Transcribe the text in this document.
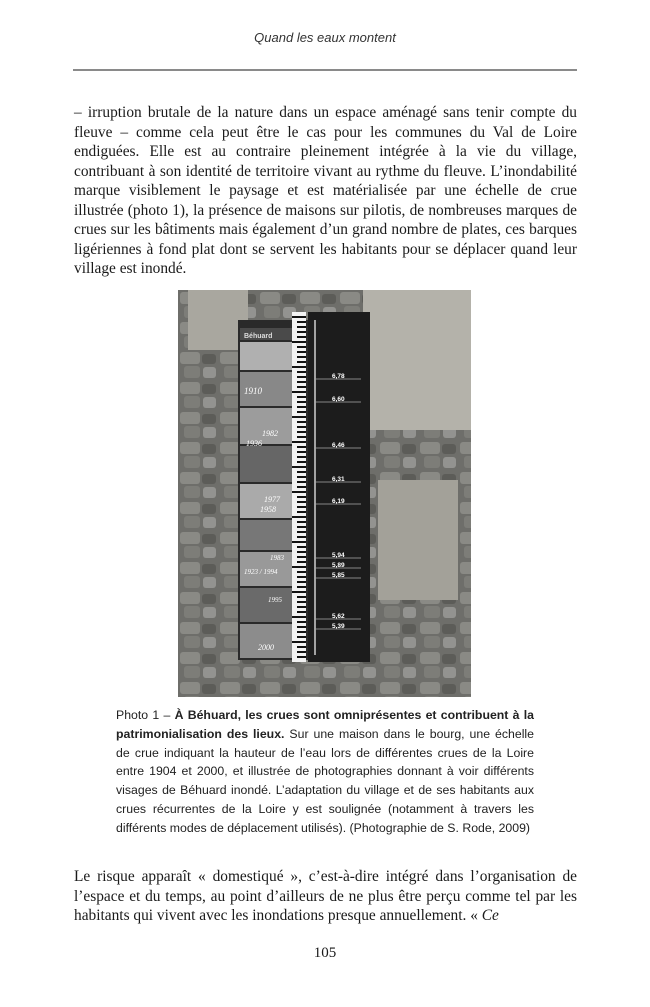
Quand les eaux montent
– irruption brutale de la nature dans un espace aménagé sans tenir compte du fleuve – comme cela peut être le cas pour les communes du Val de Loire endiguées. Elle est au contraire pleinement intégrée à la vie du village, contribuant à son identité de territoire vivant au rythme du fleuve. L’inondabilité marque visiblement le paysage et est matérialisée par une échelle de crue illustrée (photo 1), la présence de maisons sur pilotis, de nombreuses marques de crues sur les bâtiments mais également d’un grand nombre de plates, ces barques ligériennes à fond plat dont se servent les habitants pour se déplacer quand leur village est inondé.
Béhuard
1910
1982
1936
1977
1958
1983
1923 / 1994
1995
2000
6,78
6,60
6,46
6,31
6,19
5,94
5,89
5,85
5,62
5,39
Photo 1 – À Béhuard, les crues sont omniprésentes et contribuent à la patrimonialisation des lieux. Sur une maison dans le bourg, une échelle de crue indiquant la hauteur de l’eau lors de différentes crues de la Loire entre 1904 et 2000, et illustrée de photographies donnant à voir différents visages de Béhuard inondé. L’adaptation du village et de ses habitants aux crues récurrentes de la Loire y est soulignée (notamment à travers les différents modes de déplacement utilisés). (Photographie de S. Rode, 2009)
Le risque apparaît « domestiqué », c’est-à-dire intégré dans l’organisation de l’espace et du temps, au point d’ailleurs de ne plus être perçu comme tel par les habitants qui vivent avec les inondations presque annuellement. « Ce
105
